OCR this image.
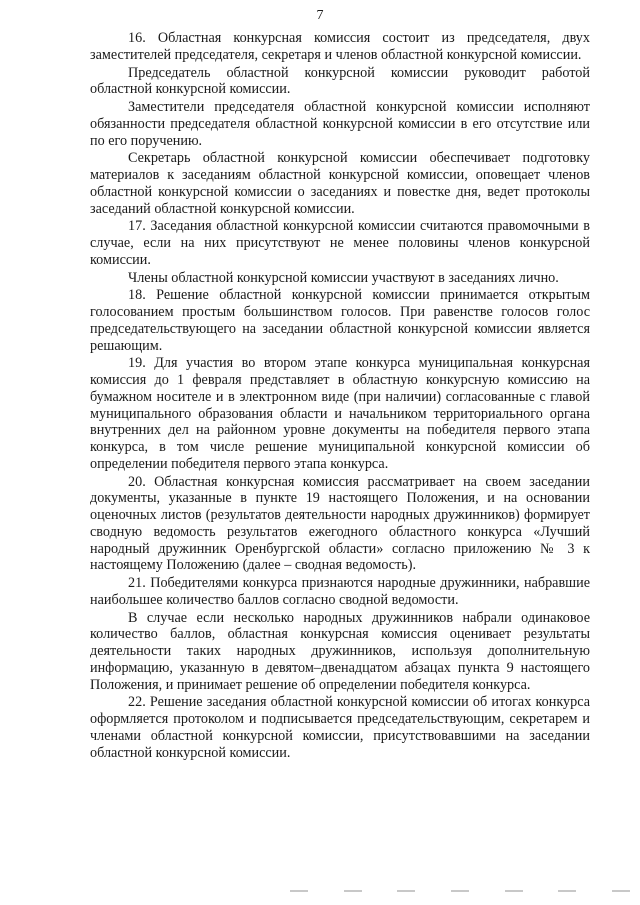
7

16. Областная конкурсная комиссия состоит из председателя, двух заместителей председателя, секретаря и членов областной конкурсной комиссии.

Председатель областной конкурсной комиссии руководит работой областной конкурсной комиссии.

Заместители председателя областной конкурсной комиссии исполняют обязанности председателя областной конкурсной комиссии в его отсутствие или по его поручению.

Секретарь областной конкурсной комиссии обеспечивает подготовку материалов к заседаниям областной конкурсной комиссии, оповещает членов областной конкурсной комиссии о заседаниях и повестке дня, ведет протоколы заседаний областной конкурсной комиссии.

17. Заседания областной конкурсной комиссии считаются правомочными в случае, если на них присутствуют не менее половины членов конкурсной комиссии.

Члены областной конкурсной комиссии участвуют в заседаниях лично.

18. Решение областной конкурсной комиссии принимается открытым голосованием простым большинством голосов. При равенстве голосов голос председательствующего на заседании областной конкурсной комиссии является решающим.

19. Для участия во втором этапе конкурса муниципальная конкурсная комиссия до 1 февраля представляет в областную конкурсную комиссию на бумажном носителе и в электронном виде (при наличии) согласованные с главой муниципального образования области и начальником территориального органа внутренних дел на районном уровне документы на победителя первого этапа конкурса, в том числе решение муниципальной конкурсной комиссии об определении победителя первого этапа конкурса.

20. Областная конкурсная комиссия рассматривает на своем заседании документы, указанные в пункте 19 настоящего Положения, и на основании оценочных листов (результатов деятельности народных дружинников) формирует сводную ведомость результатов ежегодного областного конкурса «Лучший народный дружинник Оренбургской области» согласно приложению № 3 к настоящему Положению (далее – сводная ведомость).

21. Победителями конкурса признаются народные дружинники, набравшие наибольшее количество баллов согласно сводной ведомости.

В случае если несколько народных дружинников набрали одинаковое количество баллов, областная конкурсная комиссия оценивает результаты деятельности таких народных дружинников, используя дополнительную информацию, указанную в девятом–двенадцатом абзацах пункта 9 настоящего Положения, и принимает решение об определении победителя конкурса.

22. Решение заседания областной конкурсной комиссии об итогах конкурса оформляется протоколом и подписывается председательствующим, секретарем и членами областной конкурсной комиссии, присутствовавшими на заседании областной конкурсной комиссии.
